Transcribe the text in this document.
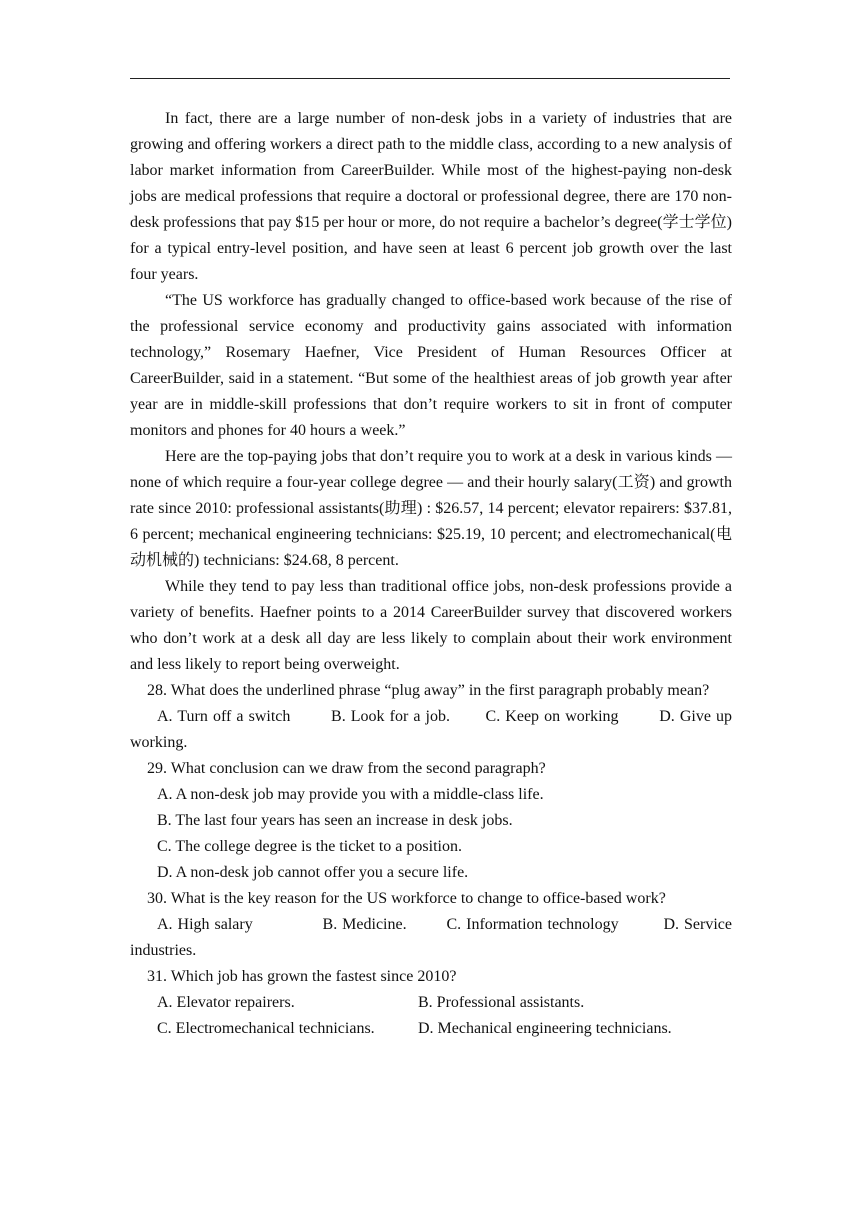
In fact, there are a large number of non-desk jobs in a variety of industries that are growing and offering workers a direct path to the middle class, according to a new analysis of labor market information from CareerBuilder. While most of the highest-paying non-desk jobs are medical professions that require a doctoral or professional degree, there are 170 non-desk professions that pay $15 per hour or more, do not require a bachelor’s degree(学士学位) for a typical entry-level position, and have seen at least 6 percent job growth over the last four years.

“The US workforce has gradually changed to office-based work because of the rise of the professional service economy and productivity gains associated with information technology,” Rosemary Haefner, Vice President of Human Resources Officer at CareerBuilder, said in a statement. “But some of the healthiest areas of job growth year after year are in middle-skill professions that don’t require workers to sit in front of computer monitors and phones for 40 hours a week.”

Here are the top-paying jobs that don’t require you to work at a desk in various kinds — none of which require a four-year college degree — and their hourly salary(工资) and growth rate since 2010: professional assistants(助理) : $26.57, 14 percent; elevator repairers: $37.81, 6 percent; mechanical engineering technicians: $25.19, 10 percent; and electromechanical(电动机械的) technicians: $24.68, 8 percent.

While they tend to pay less than traditional office jobs, non-desk professions provide a variety of benefits. Haefner points to a 2014 CareerBuilder survey that discovered workers who don’t work at a desk all day are less likely to complain about their work environment and less likely to report being overweight.

28. What does the underlined phrase “plug away” in the first paragraph probably mean?

A. Turn off a switch	B. Look for a job. C. Keep on working	D. Give up working.

29. What conclusion can we draw from the second paragraph?

A. A non-desk job may provide you with a middle-class life.
B. The last four years has seen an increase in desk jobs.
C. The college degree is the ticket to a position.
D. A non-desk job cannot offer you a secure life.

30. What is the key reason for the US workforce to change to office-based work?

A. High salary	B. Medicine. C. Information technology	D. Service industries.

31. Which job has grown the fastest since 2010?

A. Elevator repairers.	B. Professional assistants.
C. Electromechanical technicians.	D. Mechanical engineering technicians.
